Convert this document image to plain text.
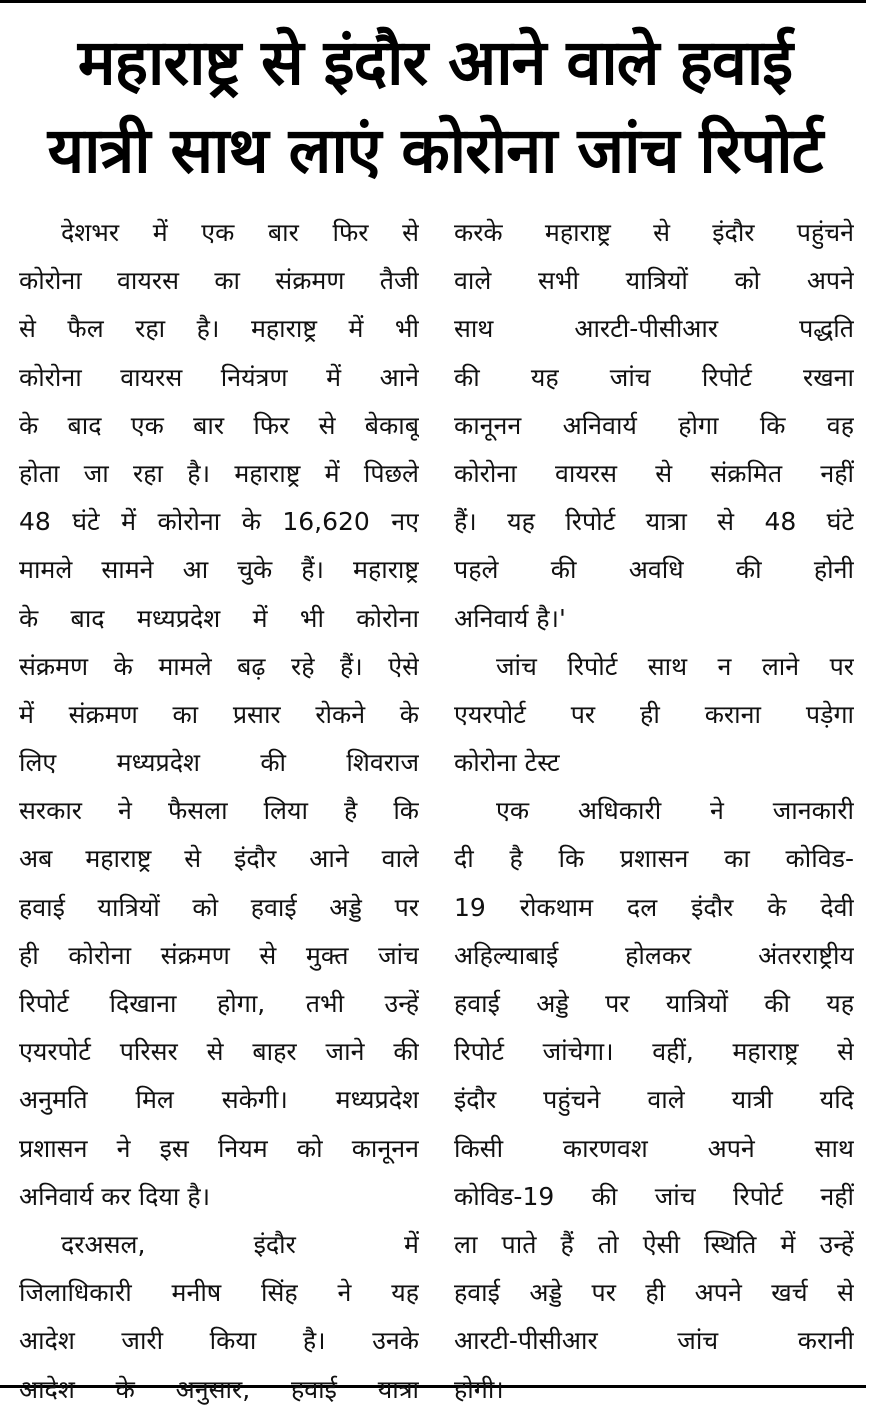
महाराष्ट्र से इंदौर आने वाले हवाई
यात्री साथ लाएं कोरोना जांच रिपोर्ट
देशभर में एक बार फिर से
कोरोना वायरस का संक्रमण तैजी
से फैल रहा है। महाराष्ट्र में भी
कोरोना वायरस नियंत्रण में आने
के बाद एक बार फिर से बेकाबू
होता जा रहा है। महाराष्ट्र में पिछले
48 घंटे में कोरोना के 16,620 नए
मामले सामने आ चुके हैं। महाराष्ट्र
के बाद मध्यप्रदेश में भी कोरोना
संक्रमण के मामले बढ़ रहे हैं। ऐसे
में संक्रमण का प्रसार रोकने के
लिए मध्यप्रदेश की शिवराज
सरकार ने फैसला लिया है कि
अब महाराष्ट्र से इंदौर आने वाले
हवाई यात्रियों को हवाई अड्डे पर
ही कोरोना संक्रमण से मुक्त जांच
रिपोर्ट दिखाना होगा, तभी उन्हें
एयरपोर्ट परिसर से बाहर जाने की
अनुमति मिल सकेगी। मध्यप्रदेश
प्रशासन ने इस नियम को कानूनन
अनिवार्य कर दिया है।
दरअसल, इंदौर में
जिलाधिकारी मनीष सिंह ने यह
आदेश जारी किया है। उनके
आदेश के अनुसार, हवाई यात्रा
करके महाराष्ट्र से इंदौर पहुंचने
वाले सभी यात्रियों को अपने
साथ आरटी-पीसीआर पद्धति
की यह जांच रिपोर्ट रखना
कानूनन अनिवार्य होगा कि वह
कोरोना वायरस से संक्रमित नहीं
हैं। यह रिपोर्ट यात्रा से 48 घंटे
पहले की अवधि की होनी
अनिवार्य है।'
जांच रिपोर्ट साथ न लाने पर
एयरपोर्ट पर ही कराना पड़ेगा
कोरोना टेस्ट
एक अधिकारी ने जानकारी
दी है कि प्रशासन का कोविड-
19 रोकथाम दल इंदौर के देवी
अहिल्याबाई होलकर अंतरराष्ट्रीय
हवाई अड्डे पर यात्रियों की यह
रिपोर्ट जांचेगा। वहीं, महाराष्ट्र से
इंदौर पहुंचने वाले यात्री यदि
किसी कारणवश अपने साथ
कोविड-19 की जांच रिपोर्ट नहीं
ला पाते हैं तो ऐसी स्थिति में उन्हें
हवाई अड्डे पर ही अपने खर्च से
आरटी-पीसीआर जांच करानी
होगी।
